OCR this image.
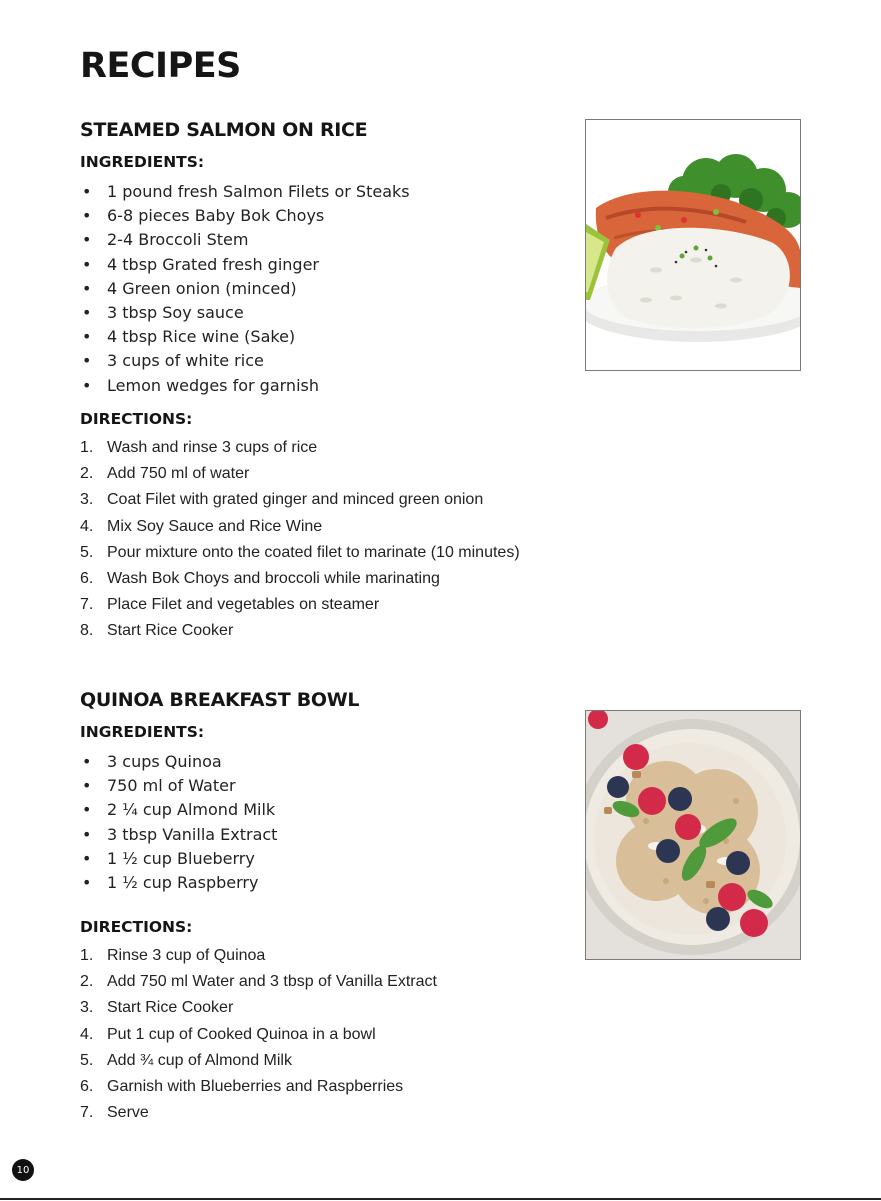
RECIPES
STEAMED SALMON ON RICE
INGREDIENTS:
• 1 pound fresh Salmon Filets or Steaks
• 6-8 pieces Baby Bok Choys
• 2-4 Broccoli Stem
• 4 tbsp Grated fresh ginger
• 4 Green onion (minced)
• 3 tbsp Soy sauce
• 4 tbsp Rice wine (Sake)
• 3 cups of white rice
• Lemon wedges for garnish
DIRECTIONS:
1. Wash and rinse 3 cups of rice
2. Add 750 ml of water
3. Coat Filet with grated ginger and minced green onion
4. Mix Soy Sauce and Rice Wine
5. Pour mixture onto the coated filet to marinate (10 minutes)
6. Wash Bok Choys and broccoli while marinating
7. Place Filet and vegetables on steamer
8. Start Rice Cooker
QUINOA BREAKFAST BOWL
INGREDIENTS:
• 3 cups Quinoa
• 750 ml of Water
• 2 ¼ cup Almond Milk
• 3 tbsp Vanilla Extract
• 1 ½ cup Blueberry
• 1 ½ cup Raspberry
DIRECTIONS:
1. Rinse 3 cup of Quinoa
2. Add 750 ml Water and 3 tbsp of Vanilla Extract
3. Start Rice Cooker
4. Put 1 cup of Cooked Quinoa in a bowl
5. Add ¾ cup of Almond Milk
6. Garnish with Blueberries and Raspberries
7. Serve
10
